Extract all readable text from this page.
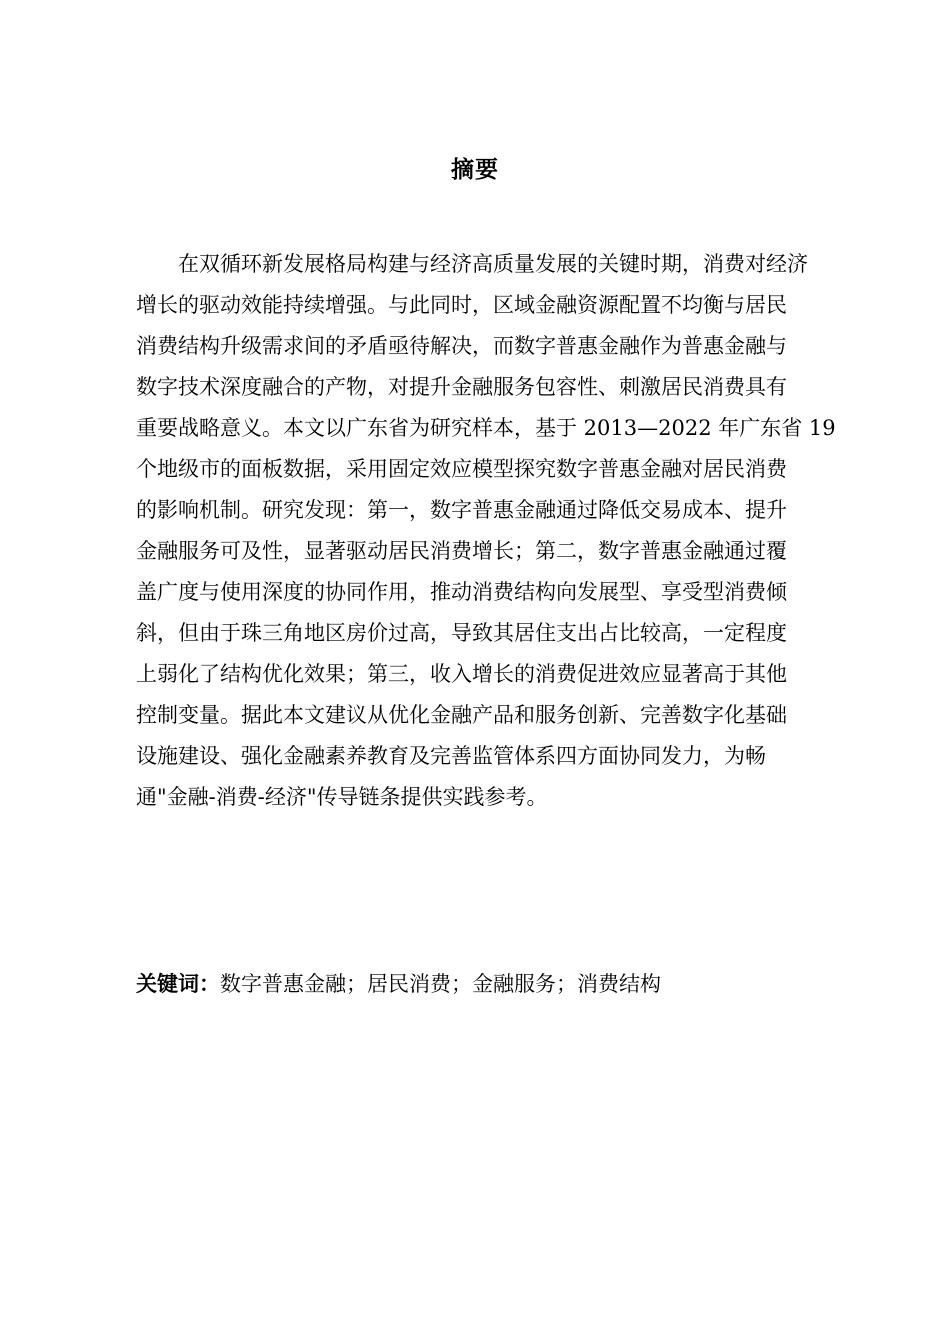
摘要
在双循环新发展格局构建与经济高质量发展的关键时期，消费对经济
增长的驱动效能持续增强。与此同时，区域金融资源配置不均衡与居民
消费结构升级需求间的矛盾亟待解决，而数字普惠金融作为普惠金融与
数字技术深度融合的产物，对提升金融服务包容性、刺激居民消费具有
重要战略意义。本文以广东省为研究样本，基于 2013—2022 年广东省 19
个地级市的面板数据，采用固定效应模型探究数字普惠金融对居民消费
的影响机制。研究发现：第一，数字普惠金融通过降低交易成本、提升
金融服务可及性，显著驱动居民消费增长；第二，数字普惠金融通过覆
盖广度与使用深度的协同作用，推动消费结构向发展型、享受型消费倾
斜，但由于珠三角地区房价过高，导致其居住支出占比较高，一定程度
上弱化了结构优化效果；第三，收入增长的消费促进效应显著高于其他
控制变量。据此本文建议从优化金融产品和服务创新、完善数字化基础
设施建设、强化金融素养教育及完善监管体系四方面协同发力，为畅
通"金融-消费-经济"传导链条提供实践参考。
关键词：数字普惠金融；居民消费；金融服务；消费结构
